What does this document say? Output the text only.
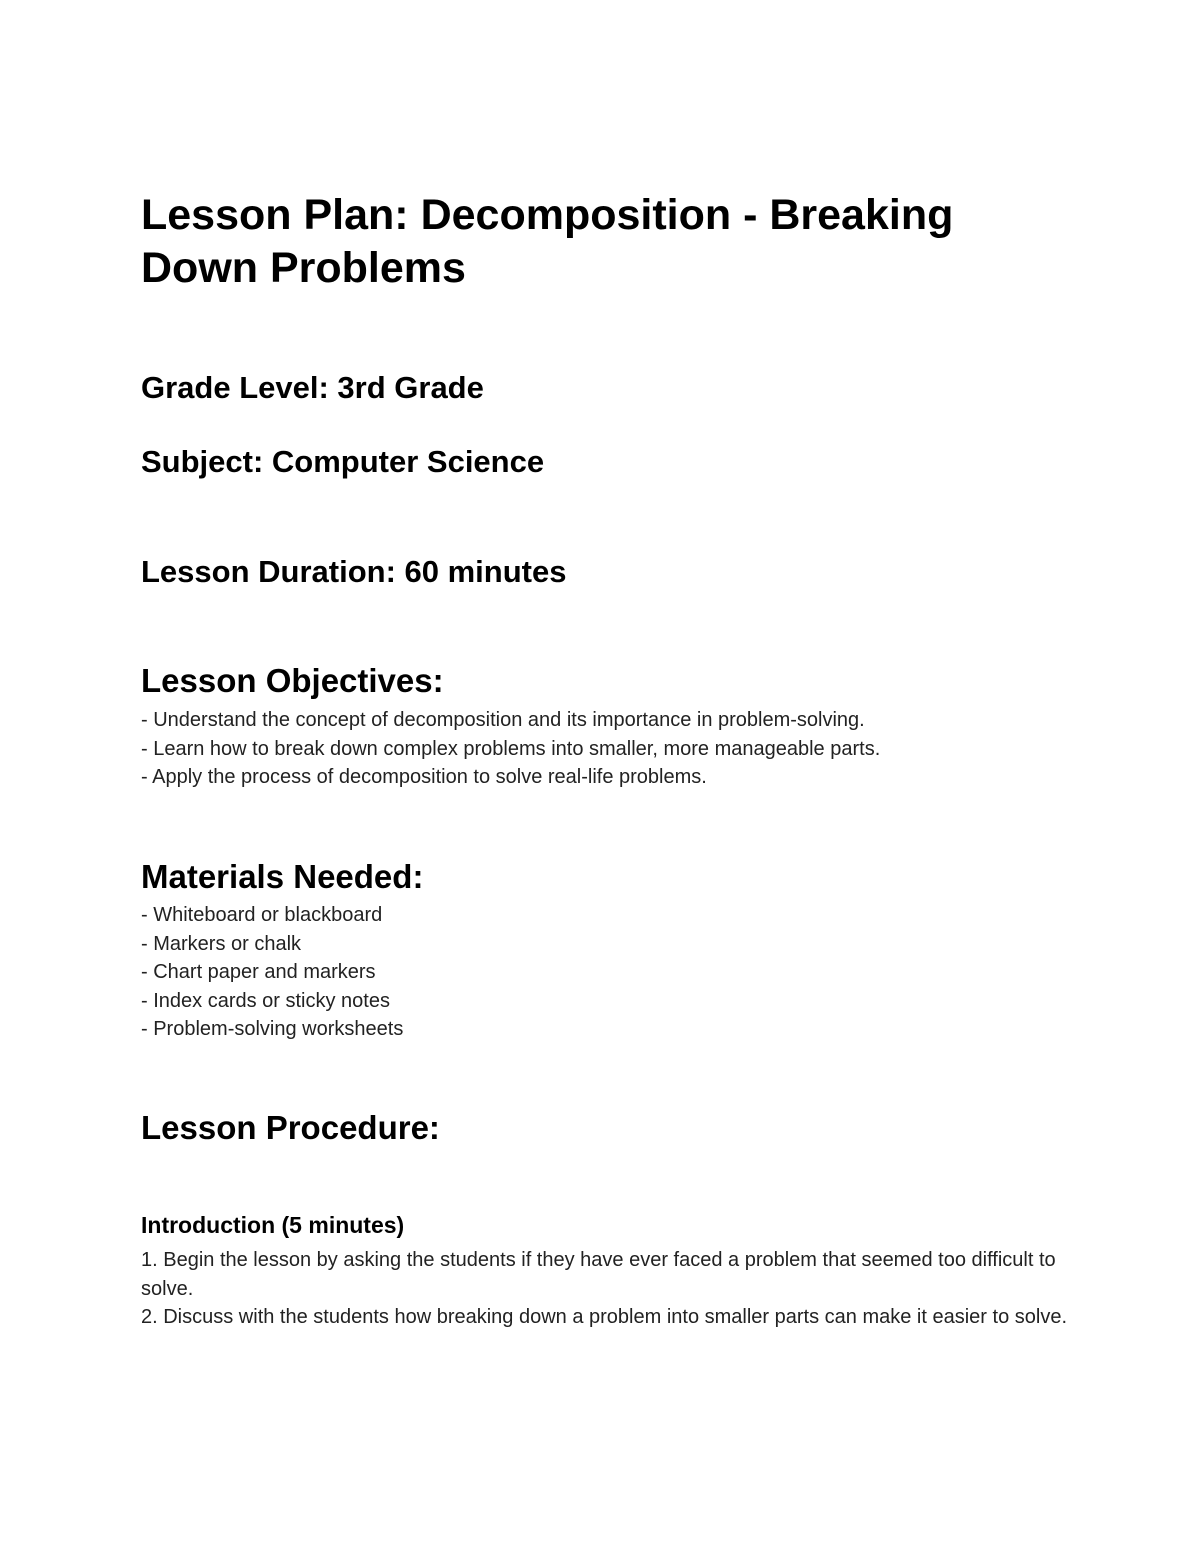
Lesson Plan: Decomposition - Breaking Down Problems
Grade Level: 3rd Grade
Subject: Computer Science
Lesson Duration: 60 minutes
Lesson Objectives:
- Understand the concept of decomposition and its importance in problem-solving.
- Learn how to break down complex problems into smaller, more manageable parts.
- Apply the process of decomposition to solve real-life problems.
Materials Needed:
- Whiteboard or blackboard
- Markers or chalk
- Chart paper and markers
- Index cards or sticky notes
- Problem-solving worksheets
Lesson Procedure:
Introduction (5 minutes)
1. Begin the lesson by asking the students if they have ever faced a problem that seemed too difficult to solve.
2. Discuss with the students how breaking down a problem into smaller parts can make it easier to solve.
